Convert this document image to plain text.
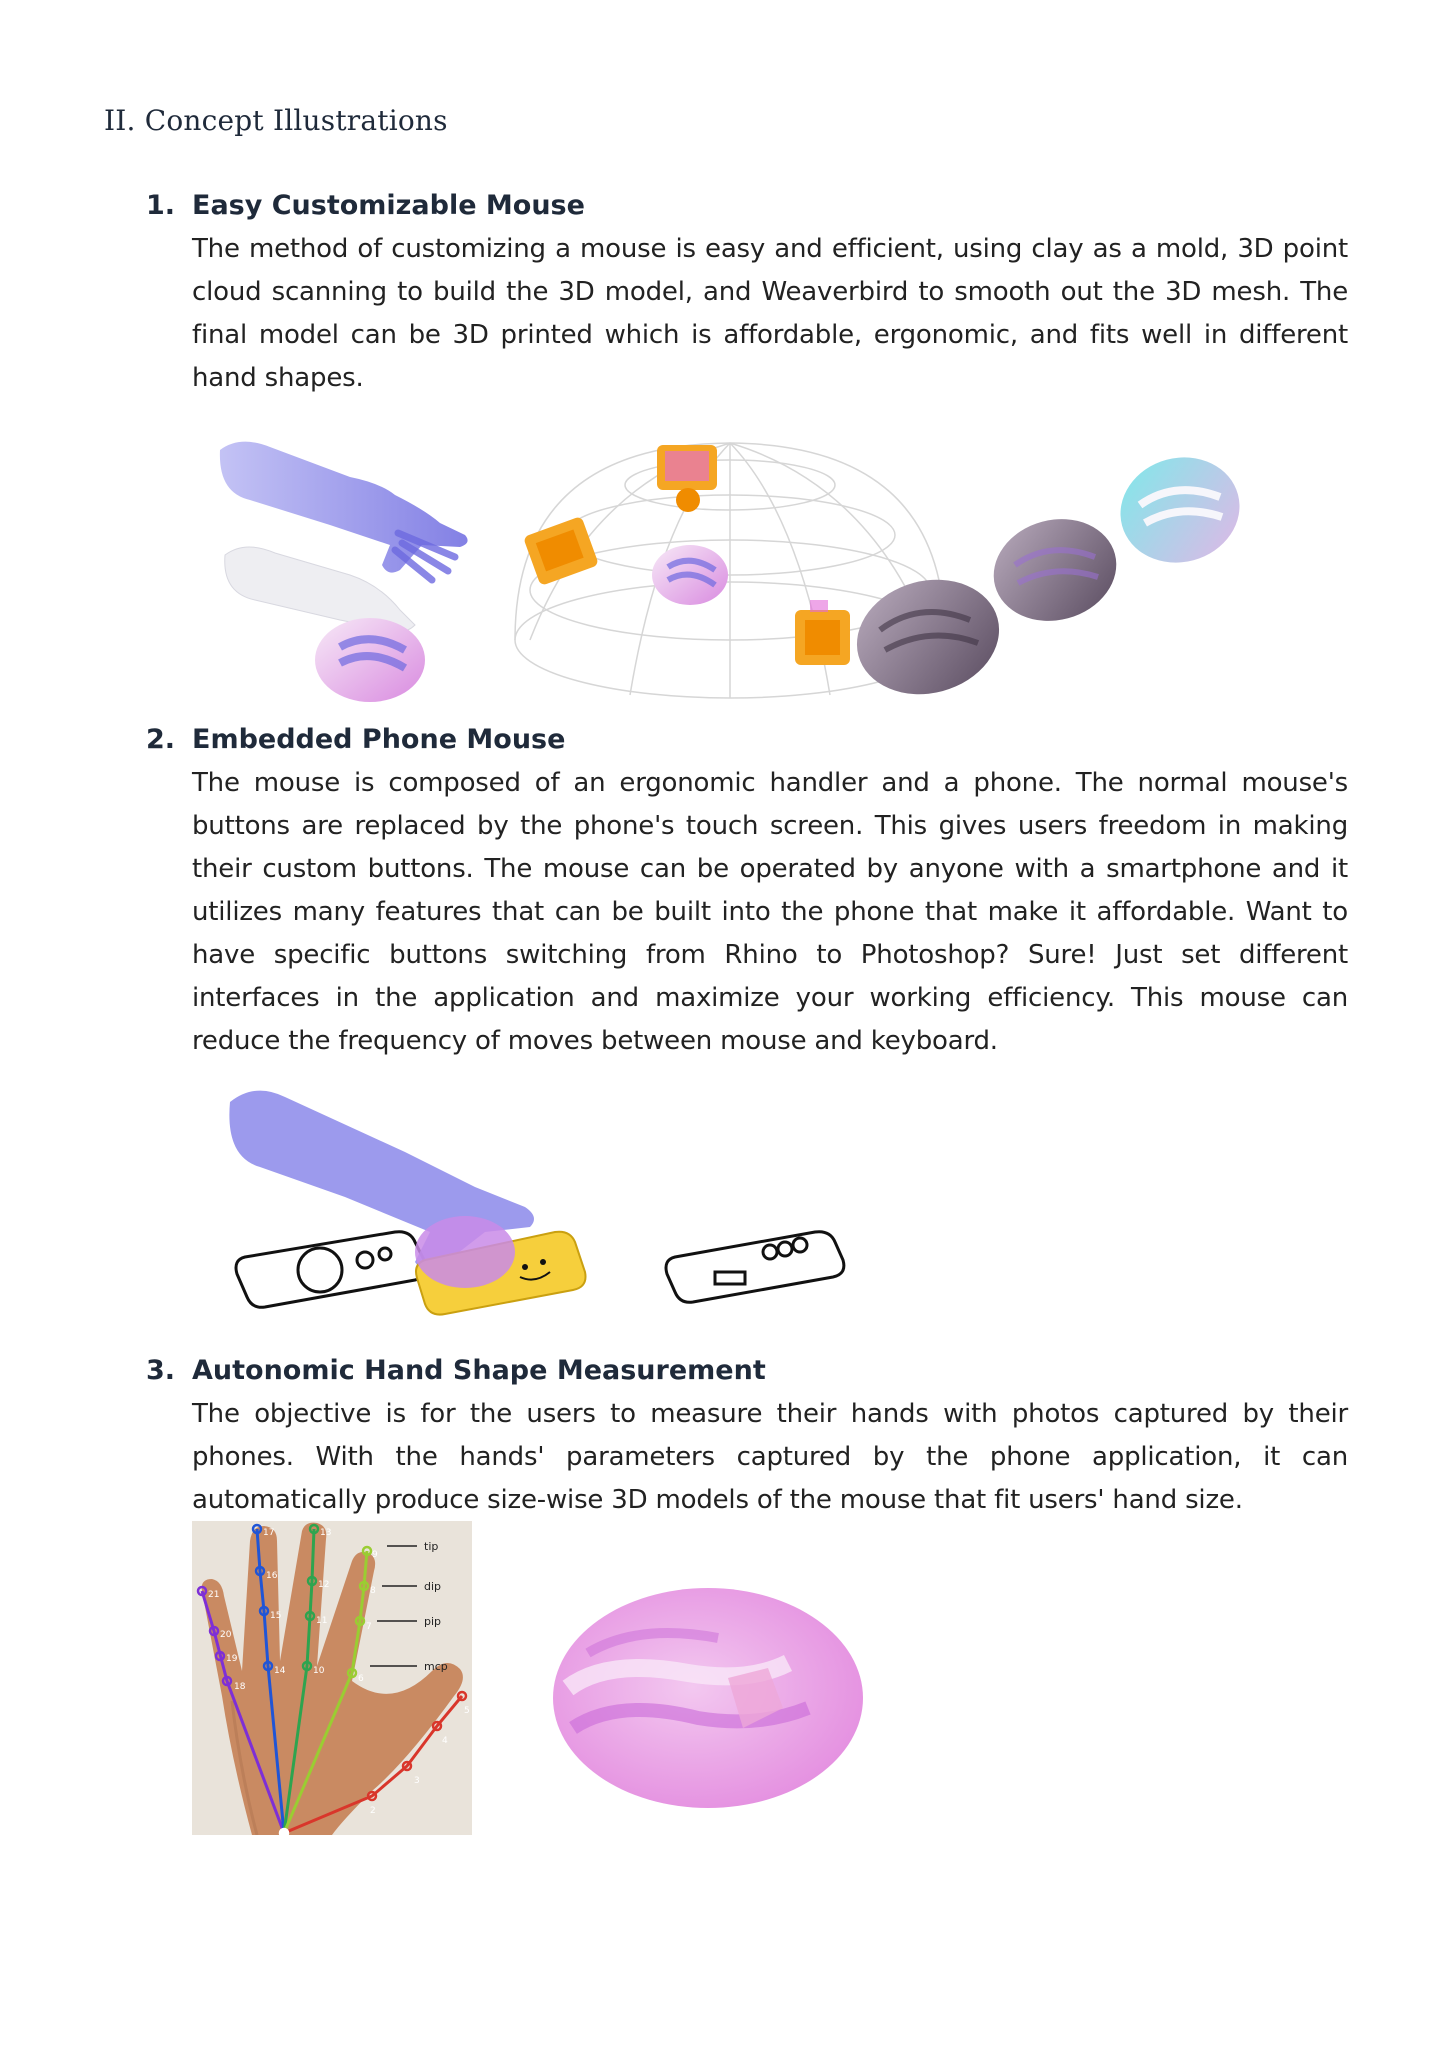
II. Concept Illustrations
1. Easy Customizable Mouse

The method of customizing a mouse is easy and efficient, using clay as a mold, 3D point cloud scanning to build the 3D model, and Weaverbird to smooth out the 3D mesh. The final model can be 3D printed which is affordable, ergonomic, and fits well in different hand shapes.

2. Embedded Phone Mouse

The mouse is composed of an ergonomic handler and a phone. The normal mouse's buttons are replaced by the phone's touch screen. This gives users freedom in making their custom buttons. The mouse can be operated by anyone with a smartphone and it utilizes many features that can be built into the phone that make it affordable. Want to have specific buttons switching from Rhino to Photoshop? Sure! Just set different interfaces in the application and maximize your working efficiency. This mouse can reduce the frequency of moves between mouse and keyboard.

3. Autonomic Hand Shape Measurement

The objective is for the users to measure their hands with photos captured by their phones. With the hands' parameters captured by the phone application, it can automatically produce size-wise 3D models of the mouse that fit users' hand size.

tip
dip
pip
mcp
2
3
4
5
6
7
8
9
10
11
12
13
14
15
16
17
18
19
20
21
